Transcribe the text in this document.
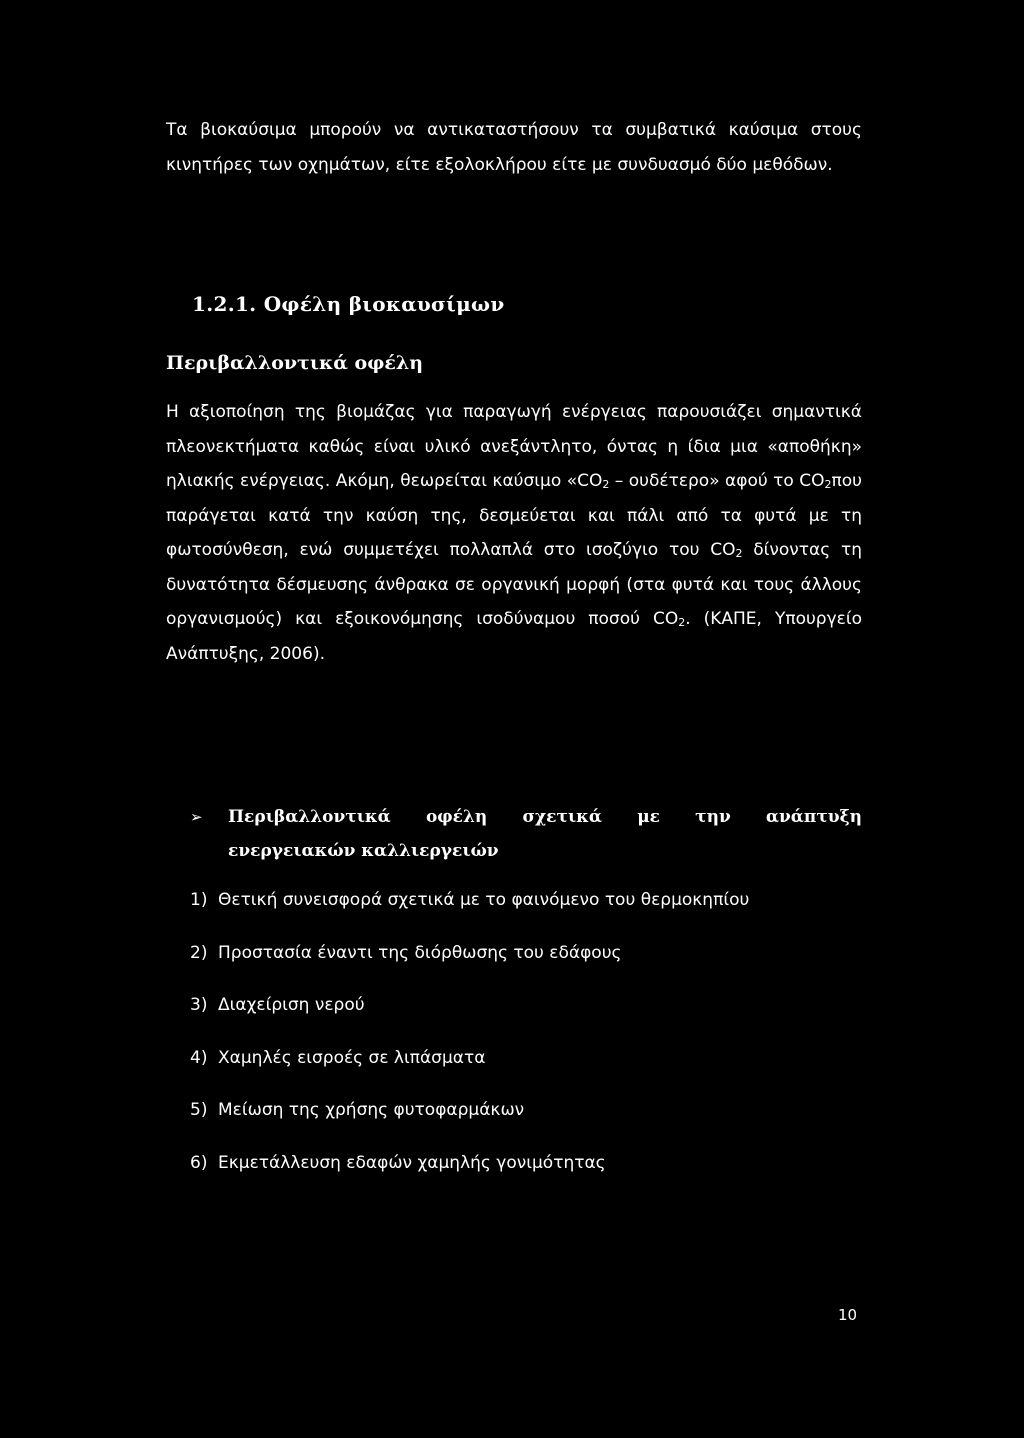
Τα βιοκαύσιμα μπορούν να αντικαταστήσουν τα συμβατικά καύσιμα στους κινητήρες των οχημάτων, είτε εξολοκλήρου είτε με συνδυασμό δύο μεθόδων.

1.2.1. Οφέλη βιοκαυσίμων
Περιβαλλοντικά οφέλη

Η αξιοποίηση της βιομάζας για παραγωγή ενέργειας παρουσιάζει σημαντικά πλεονεκτήματα καθώς είναι υλικό ανεξάντλητο, όντας η ίδια μια «αποθήκη» ηλιακής ενέργειας. Ακόμη, θεωρείται καύσιμο «$CO_2$ – ουδέτερο» αφού το $CO_2\pi o\upsilon$ παράγεται κατά την καύση της, δεσμεύεται και πάλι από τα φυτά με τη φωτοσύνθεση, ενώ συμμετέχει πολλαπλά στο ισοζύγιο του $CO_2$ δίνοντας τη δυνατότητα δέσμευσης άνθρακα σε οργανική μορφή (στα φυτά και τους άλλους οργανισμούς) και εξοικονόμησης ισοδύναμου ποσού $CO_2$. (ΚΑΠΕ, Υπουργείο Ανάπτυξης, 2006).

➢ Περιβαλλοντικά οφέλη σχετικά με την ανάπτυξη
ενεργειακών καλλιεργειών
1) Θετική συνεισφορά σχετικά με το φαινόμενο του θερμοκηπίου
2) Προστασία έναντι της διόρθωσης του εδάφους
3) Διαχείριση νερού
4) Χαμηλές εισροές σε λιπάσματα
5) Μείωση της χρήσης φυτοφαρμάκων
6) Εκμετάλλευση εδαφών χαμηλής γονιμότητας
10
